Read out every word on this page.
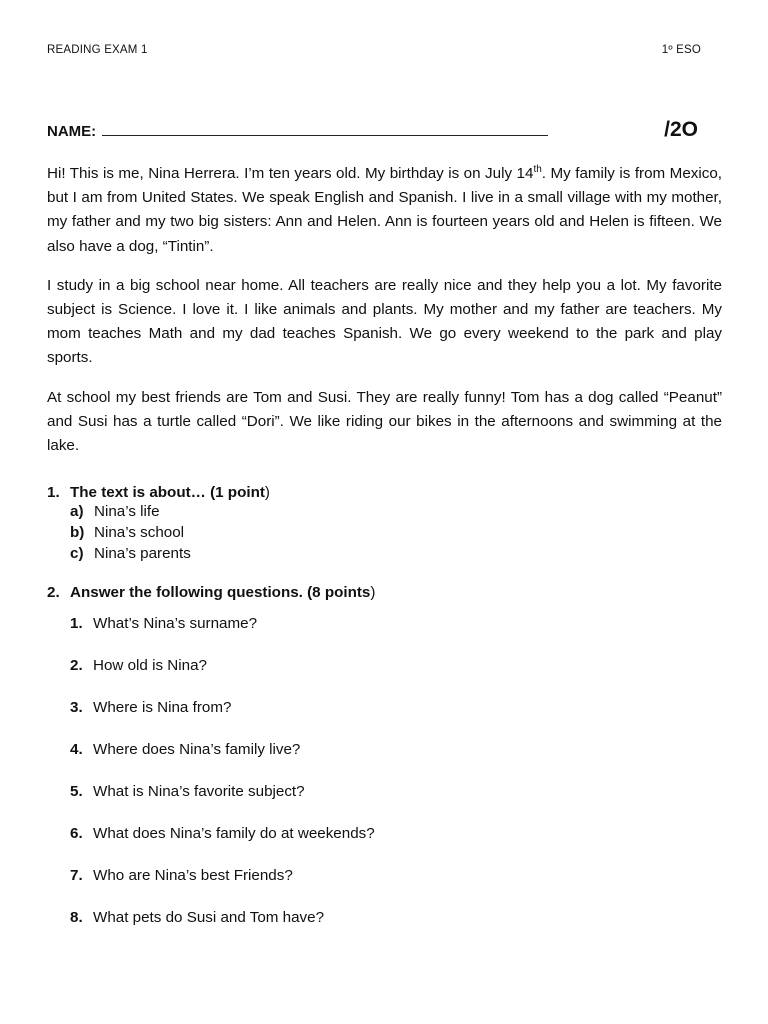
READING EXAM 1	1º ESO
NAME:	/2O

Hi! This is me, Nina Herrera. I’m ten years old. My birthday is on July 14th. My family is from Mexico, but I am from United States. We speak English and Spanish. I live in a small village with my mother, my father and my two big sisters: Ann and Helen. Ann is fourteen years old and Helen is fifteen. We also have a dog, “Tintin”.

I study in a big school near home. All teachers are really nice and they help you a lot. My favorite subject is Science. I love it. I like animals and plants. My mother and my father are teachers. My mom teaches Math and my dad teaches Spanish. We go every weekend to the park and play sports.

At school my best friends are Tom and Susi. They are really funny! Tom has a dog called “Peanut” and Susi has a turtle called “Dori”. We like riding our bikes in the afternoons and swimming at the lake.

1. The text is about… (1 point )
a) Nina’s life
b) Nina’s school
c) Nina’s parents
2. Answer the following questions. (8 points )
1. What’s Nina’s surname?
2. How old is Nina?
3. Where is Nina from?
4. Where does Nina’s family live?
5. What is Nina’s favorite subject?
6. What does Nina’s family do at weekends?
7. Who are Nina’s best Friends?
8. What pets do Susi and Tom have?
